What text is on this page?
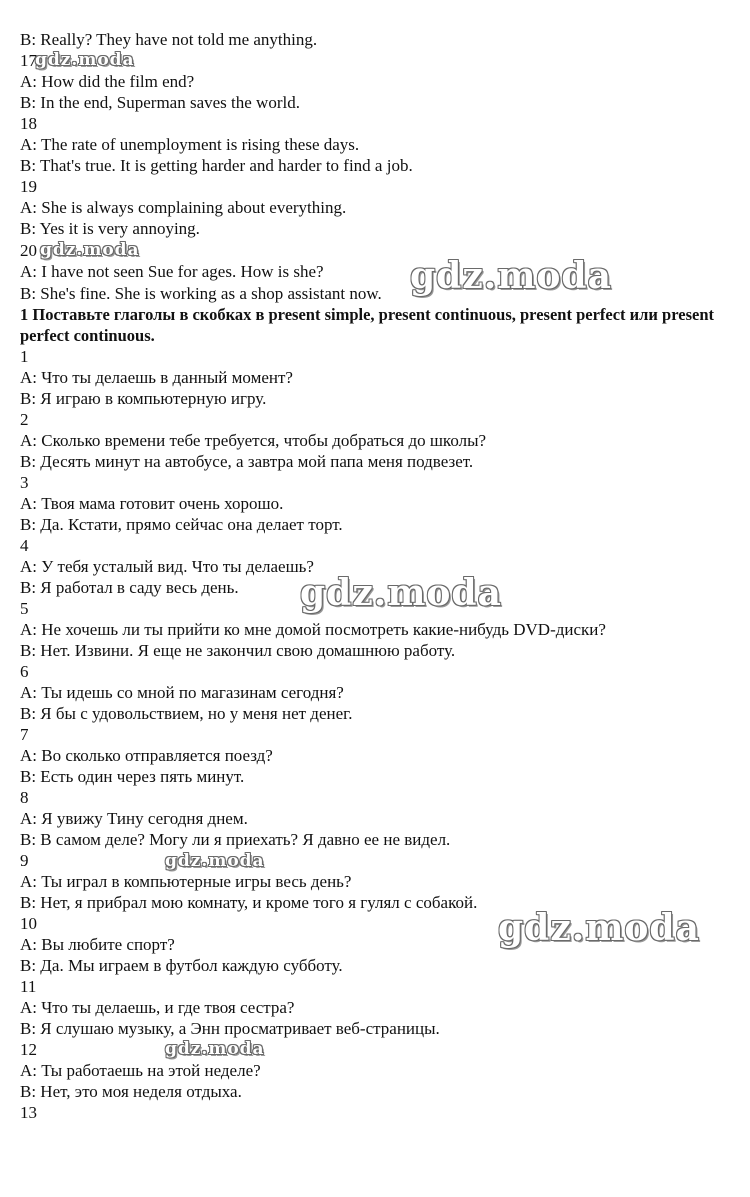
B: Really? They have not told me anything.

17

A: How did the film end?

B: In the end, Superman saves the world.

18

A: The rate of unemployment is rising these days.

B: That's true. It is getting harder and harder to find a job.

19

A: She is always complaining about everything.

B: Yes it is very annoying.

20

A: I have not seen Sue for ages. How is she?

B: She's fine. She is working as a shop assistant now.

1 Поставьте глаголы в скобках в present simple, present continuous, present perfect или present perfect continuous.

1

A: Что ты делаешь в данный момент?

B: Я играю в компьютерную игру.

2

A: Сколько времени тебе требуется, чтобы добраться до школы?

B: Десять минут на автобусе, а завтра мой папа меня подвезет.

3

A: Твоя мама готовит очень хорошо.

B: Да. Кстати, прямо сейчас она делает торт.

4

A: У тебя усталый вид. Что ты делаешь?

B: Я работал в саду весь день.

5

A: Не хочешь ли ты прийти ко мне домой посмотреть какие-нибудь DVD-диски?

B: Нет. Извини. Я еще не закончил свою домашнюю работу.

6

A: Ты идешь со мной по магазинам сегодня?

B: Я бы с удовольствием, но у меня нет денег.

7

A: Во сколько отправляется поезд?

B: Есть один через пять минут.

8

A: Я увижу Тину сегодня днем.

B: В самом деле? Могу ли я приехать? Я давно ее не видел.

9

A: Ты играл в компьютерные игры весь день?

B: Нет, я прибрал мою комнату, и кроме того я гулял с собакой.

10

A: Вы любите спорт?

B: Да. Мы играем в футбол каждую субботу.

11

A: Что ты делаешь, и где твоя сестра?

B: Я слушаю музыку, а Энн просматривает веб-страницы.

12

A: Ты работаешь на этой неделе?

B: Нет, это моя неделя отдыха.

13

gdz.moda
gdz.moda
gdz.moda
gdz.moda
gdz.moda
gdz.moda
gdz.moda
